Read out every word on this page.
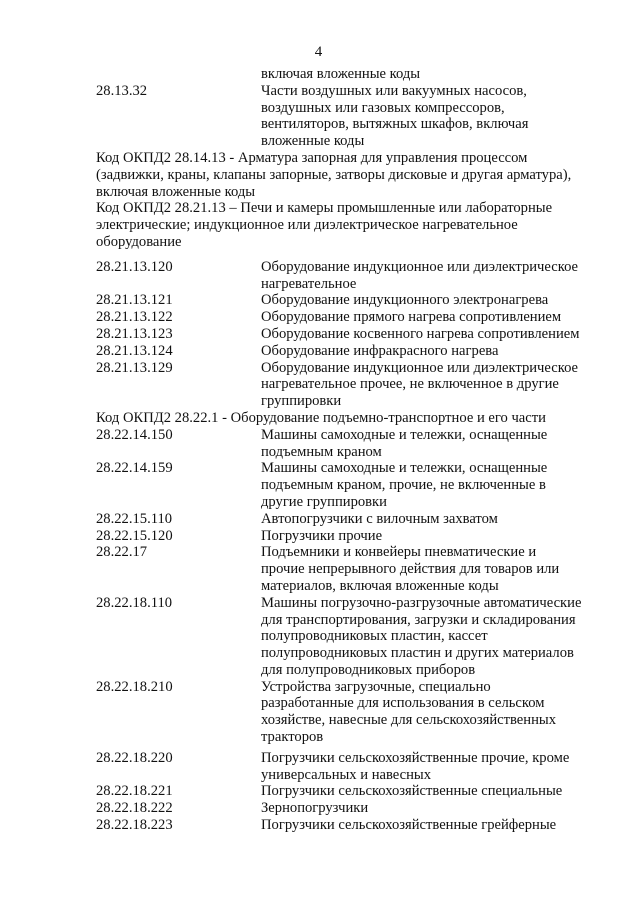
4
включая вложенные коды
28.13.32	Части воздушных или вакуумных насосов,
воздушных или газовых компрессоров,
вентиляторов, вытяжных шкафов, включая
вложенные коды
Код ОКПД2 28.14.13 - Арматура запорная для управления процессом
(задвижки, краны, клапаны запорные, затворы дисковые и другая арматура),
включая вложенные коды
Код ОКПД2 28.21.13 – Печи и камеры промышленные или лабораторные
электрические; индукционное или диэлектрическое нагревательное
оборудование
28.21.13.120	Оборудование индукционное или диэлектрическое
нагревательное
28.21.13.121	Оборудование индукционного электронагрева
28.21.13.122	Оборудование прямого нагрева сопротивлением
28.21.13.123	Оборудование косвенного нагрева сопротивлением
28.21.13.124	Оборудование инфракрасного нагрева
28.21.13.129	Оборудование индукционное или диэлектрическое
нагревательное прочее, не включенное в другие
группировки
Код ОКПД2 28.22.1 - Оборудование подъемно-транспортное и его части
28.22.14.150	Машины самоходные и тележки, оснащенные
подъемным краном
28.22.14.159	Машины самоходные и тележки, оснащенные
подъемным краном, прочие, не включенные в
другие группировки
28.22.15.110	Автопогрузчики с вилочным захватом
28.22.15.120	Погрузчики прочие
28.22.17	Подъемники и конвейеры пневматические и
прочие непрерывного действия для товаров или
материалов, включая вложенные коды
28.22.18.110	Машины погрузочно-разгрузочные автоматические
для транспортирования, загрузки и складирования
полупроводниковых пластин, кассет
полупроводниковых пластин и других материалов
для полупроводниковых приборов
28.22.18.210	Устройства загрузочные, специально
разработанные для использования в сельском
хозяйстве, навесные для сельскохозяйственных
тракторов
28.22.18.220	Погрузчики сельскохозяйственные прочие, кроме
универсальных и навесных
28.22.18.221	Погрузчики сельскохозяйственные специальные
28.22.18.222	Зернопогрузчики
28.22.18.223	Погрузчики сельскохозяйственные грейферные
